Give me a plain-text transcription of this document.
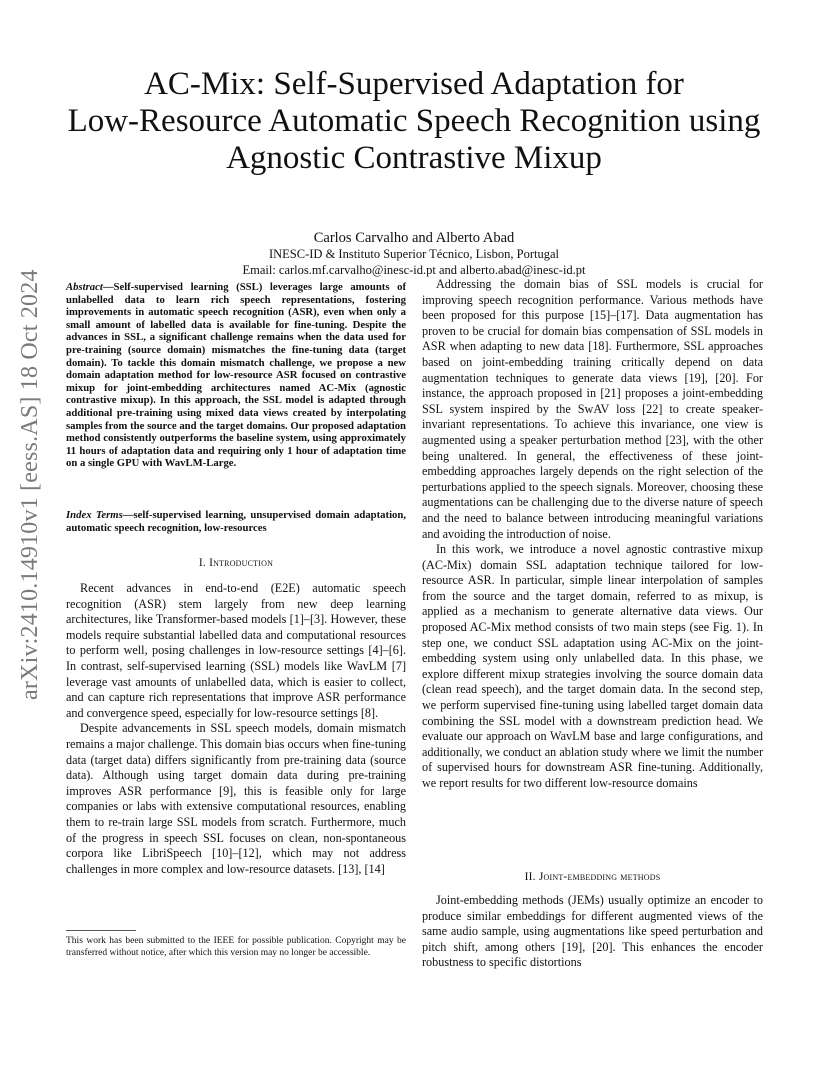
AC-Mix: Self-Supervised Adaptation for
Low-Resource Automatic Speech Recognition using
Agnostic Contrastive Mixup
Carlos Carvalho and Alberto Abad
INESC-ID & Instituto Superior Técnico, Lisbon, Portugal
Email: carlos.mf.carvalho@inesc-id.pt and alberto.abad@inesc-id.pt
arXiv:2410.14910v1 [eess.AS] 18 Oct 2024 Abstract—Self-supervised learning (SSL) leverages large amounts of unlabelled data to learn rich speech representations, fostering improvements in automatic speech recognition (ASR), even when only a small amount of labelled data is available for fine-tuning. Despite the advances in SSL, a significant challenge remains when the data used for pre-training (source domain) mismatches the fine-tuning data (target domain). To tackle this domain mismatch challenge, we propose a new domain adaptation method for low-resource ASR focused on contrastive mixup for joint-embedding architectures named AC-Mix (agnostic contrastive mixup). In this approach, the SSL model is adapted through additional pre-training using mixed data views created by interpolating samples from the source and the target domains. Our proposed adaptation method consistently outperforms the baseline system, using approximately 11 hours of adaptation data and requiring only 1 hour of adaptation time on a single GPU with WavLM-Large.
Index Terms—self-supervised learning, unsupervised domain adaptation, automatic speech recognition, low-resources
I. Introduction

Recent advances in end-to-end (E2E) automatic speech recognition (ASR) stem largely from new deep learning architectures, like Transformer-based models [1]–[3]. However, these models require substantial labelled data and computational resources to perform well, posing challenges in low-resource settings [4]–[6]. In contrast, self-supervised learning (SSL) models like WavLM [7] leverage vast amounts of unlabelled data, which is easier to collect, and can capture rich representations that improve ASR performance and convergence speed, especially for low-resource settings [8].

Despite advancements in SSL speech models, domain mismatch remains a major challenge. This domain bias occurs when fine-tuning data (target data) differs significantly from pre-training data (source data). Although using target domain data during pre-training improves ASR performance [9], this is feasible only for large companies or labs with extensive computational resources, enabling them to re-train large SSL models from scratch. Furthermore, much of the progress in speech SSL focuses on clean, non-spontaneous corpora like LibriSpeech [10]–[12], which may not address challenges in more complex and low-resource datasets. [13], [14]

This work has been submitted to the IEEE for possible publication. Copyright may be transferred without notice, after which this version may no longer be accessible.

Addressing the domain bias of SSL models is crucial for improving speech recognition performance. Various methods have been proposed for this purpose [15]–[17]. Data augmentation has proven to be crucial for domain bias compensation of SSL models in ASR when adapting to new data [18]. Furthermore, SSL approaches based on joint-embedding training critically depend on data augmentation techniques to generate data views [19], [20]. For instance, the approach proposed in [21] proposes a joint-embedding SSL system inspired by the SwAV loss [22] to create speaker-invariant representations. To achieve this invariance, one view is augmented using a speaker perturbation method [23], with the other being unaltered. In general, the effectiveness of these joint-embedding approaches largely depends on the right selection of the perturbations applied to the speech signals. Moreover, choosing these augmentations can be challenging due to the diverse nature of speech and the need to balance between introducing meaningful variations and avoiding the introduction of noise.

In this work, we introduce a novel agnostic contrastive mixup (AC-Mix) domain SSL adaptation technique tailored for low-resource ASR. In particular, simple linear interpolation of samples from the source and the target domain, referred to as mixup, is applied as a mechanism to generate alternative data views. Our proposed AC-Mix method consists of two main steps (see Fig. 1). In step one, we conduct SSL adaptation using AC-Mix on the joint-embedding system using only unlabelled data. In this phase, we explore different mixup strategies involving the source domain data (clean read speech), and the target domain data. In the second step, we perform supervised fine-tuning using labelled target domain data combining the SSL model with a downstream prediction head. We evaluate our approach on WavLM base and large configurations, and additionally, we conduct an ablation study where we limit the number of supervised hours for downstream ASR fine-tuning. Additionally, we report results for two different low-resource domains

II. Joint-embedding methods

Joint-embedding methods (JEMs) usually optimize an encoder to produce similar embeddings for different augmented views of the same audio sample, using augmentations like speed perturbation and pitch shift, among others [19], [20]. This enhances the encoder robustness to specific distortions
